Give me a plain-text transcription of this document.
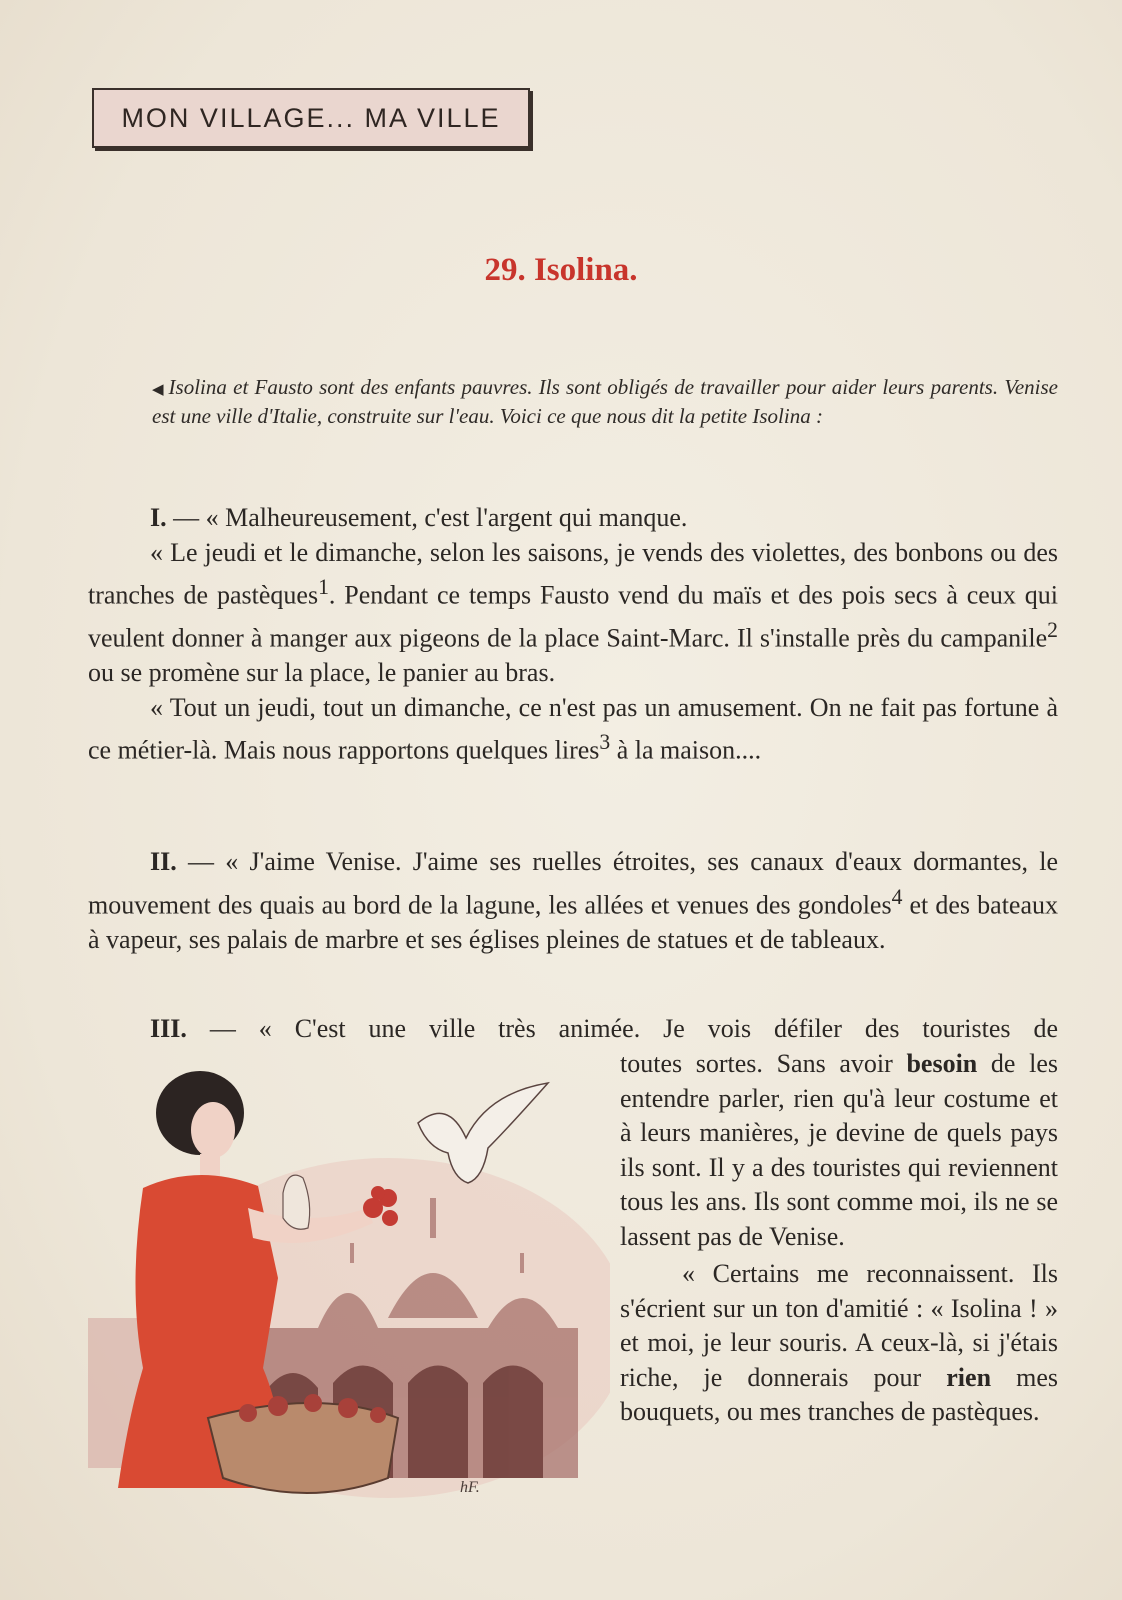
MON VILLAGE... MA VILLE
29. Isolina.
◀ Isolina et Fausto sont des enfants pauvres. Ils sont obligés de travailler pour aider leurs parents. Venise est une ville d'Italie, construite sur l'eau. Voici ce que nous dit la petite Isolina :

I. — « Malheureusement, c'est l'argent qui manque.

« Le jeudi et le dimanche, selon les saisons, je vends des violettes, des bonbons ou des tranches de pastèques$^1$. Pendant ce temps Fausto vend du maïs et des pois secs à ceux qui veulent donner à manger aux pigeons de la place Saint-Marc. Il s'installe près du campanile$^2$ ou se promène sur la place, le panier au bras.

« Tout un jeudi, tout un dimanche, ce n'est pas un amusement. On ne fait pas fortune à ce métier-là. Mais nous rapportons quelques lires$^3$ à la maison....

II. — « J'aime Venise. J'aime ses ruelles étroites, ses canaux d'eaux dormantes, le mouvement des quais au bord de la lagune, les allées et venues des gondoles$^4$ et des bateaux à vapeur, ses palais de marbre et ses églises pleines de statues et de tableaux.

III. — « C'est une ville très animée. Je vois défiler des touristes de

toutes sortes. Sans avoir besoin de les entendre parler, rien qu'à leur costume et à leurs manières, je devine de quels pays ils sont. Il y a des touristes qui reviennent tous les ans. Ils sont comme moi, ils ne se lassent pas de Venise.

« Certains me reconnaissent. Ils s'écrient sur un ton d'amitié : « Isolina ! » et moi, je leur souris. A ceux-là, si j'étais riche, je donnerais pour rien mes bouquets, ou mes tranches de pastèques.

hF.
